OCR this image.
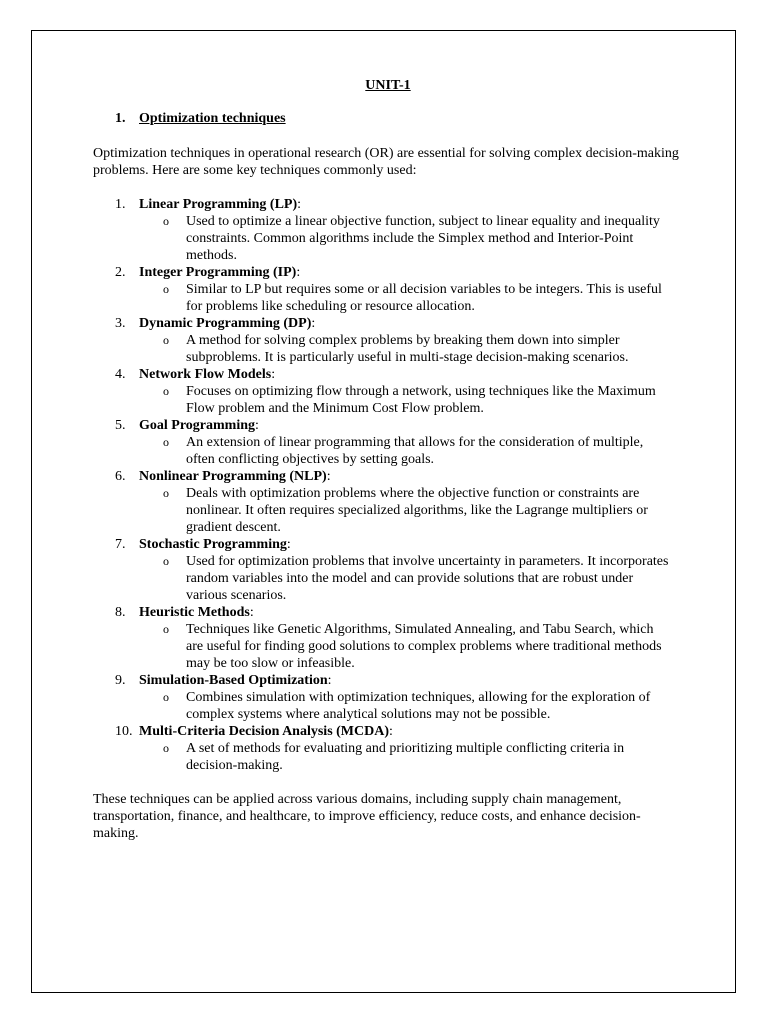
UNIT-1
1. Optimization techniques

Optimization techniques in operational research (OR) are essential for solving complex decision-making problems. Here are some key techniques commonly used:

1. Linear Programming (LP):
o	Used to optimize a linear objective function, subject to linear equality and inequality constraints. Common algorithms include the Simplex method and Interior-Point methods.
2. Integer Programming (IP):
o	Similar to LP but requires some or all decision variables to be integers. This is useful for problems like scheduling or resource allocation.
3. Dynamic Programming (DP):
o	A method for solving complex problems by breaking them down into simpler subproblems. It is particularly useful in multi-stage decision-making scenarios.
4. Network Flow Models:
o	Focuses on optimizing flow through a network, using techniques like the Maximum Flow problem and the Minimum Cost Flow problem.
5. Goal Programming:
o	An extension of linear programming that allows for the consideration of multiple, often conflicting objectives by setting goals.
6. Nonlinear Programming (NLP):
o	Deals with optimization problems where the objective function or constraints are nonlinear. It often requires specialized algorithms, like the Lagrange multipliers or gradient descent.
7. Stochastic Programming:
o	Used for optimization problems that involve uncertainty in parameters. It incorporates random variables into the model and can provide solutions that are robust under various scenarios.
8. Heuristic Methods:
o	Techniques like Genetic Algorithms, Simulated Annealing, and Tabu Search, which are useful for finding good solutions to complex problems where traditional methods may be too slow or infeasible.
9. Simulation-Based Optimization:
o	Combines simulation with optimization techniques, allowing for the exploration of complex systems where analytical solutions may not be possible.
10. Multi-Criteria Decision Analysis (MCDA):
o	A set of methods for evaluating and prioritizing multiple conflicting criteria in decision-making.

These techniques can be applied across various domains, including supply chain management, transportation, finance, and healthcare, to improve efficiency, reduce costs, and enhance decision-making.
